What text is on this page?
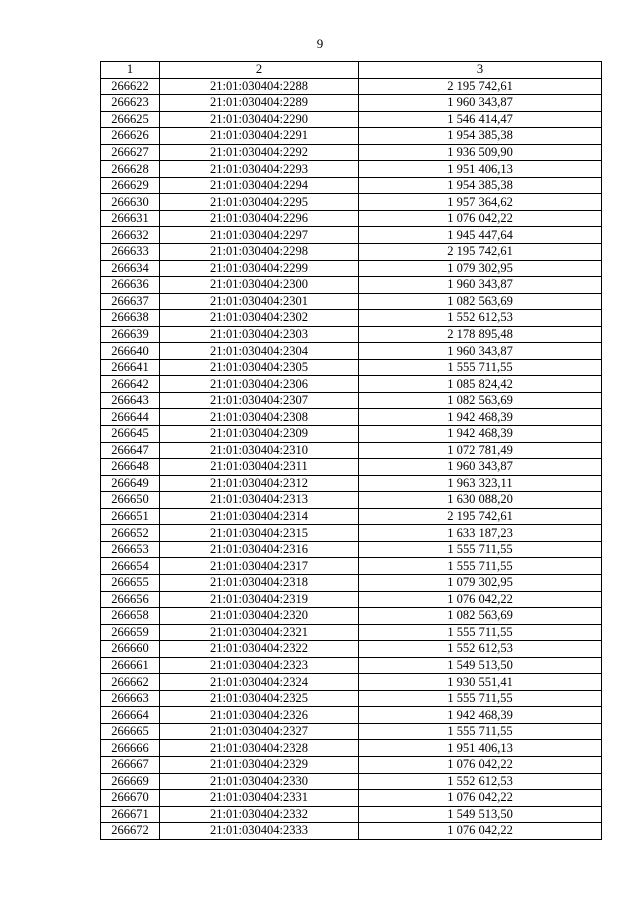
9
1	2	3
266622	21:01:030404:2288	2 195 742,61
266623	21:01:030404:2289	1 960 343,87
266625	21:01:030404:2290	1 546 414,47
266626	21:01:030404:2291	1 954 385,38
266627	21:01:030404:2292	1 936 509,90
266628	21:01:030404:2293	1 951 406,13
266629	21:01:030404:2294	1 954 385,38
266630	21:01:030404:2295	1 957 364,62
266631	21:01:030404:2296	1 076 042,22
266632	21:01:030404:2297	1 945 447,64
266633	21:01:030404:2298	2 195 742,61
266634	21:01:030404:2299	1 079 302,95
266636	21:01:030404:2300	1 960 343,87
266637	21:01:030404:2301	1 082 563,69
266638	21:01:030404:2302	1 552 612,53
266639	21:01:030404:2303	2 178 895,48
266640	21:01:030404:2304	1 960 343,87
266641	21:01:030404:2305	1 555 711,55
266642	21:01:030404:2306	1 085 824,42
266643	21:01:030404:2307	1 082 563,69
266644	21:01:030404:2308	1 942 468,39
266645	21:01:030404:2309	1 942 468,39
266647	21:01:030404:2310	1 072 781,49
266648	21:01:030404:2311	1 960 343,87
266649	21:01:030404:2312	1 963 323,11
266650	21:01:030404:2313	1 630 088,20
266651	21:01:030404:2314	2 195 742,61
266652	21:01:030404:2315	1 633 187,23
266653	21:01:030404:2316	1 555 711,55
266654	21:01:030404:2317	1 555 711,55
266655	21:01:030404:2318	1 079 302,95
266656	21:01:030404:2319	1 076 042,22
266658	21:01:030404:2320	1 082 563,69
266659	21:01:030404:2321	1 555 711,55
266660	21:01:030404:2322	1 552 612,53
266661	21:01:030404:2323	1 549 513,50
266662	21:01:030404:2324	1 930 551,41
266663	21:01:030404:2325	1 555 711,55
266664	21:01:030404:2326	1 942 468,39
266665	21:01:030404:2327	1 555 711,55
266666	21:01:030404:2328	1 951 406,13
266667	21:01:030404:2329	1 076 042,22
266669	21:01:030404:2330	1 552 612,53
266670	21:01:030404:2331	1 076 042,22
266671	21:01:030404:2332	1 549 513,50
266672	21:01:030404:2333	1 076 042,22
